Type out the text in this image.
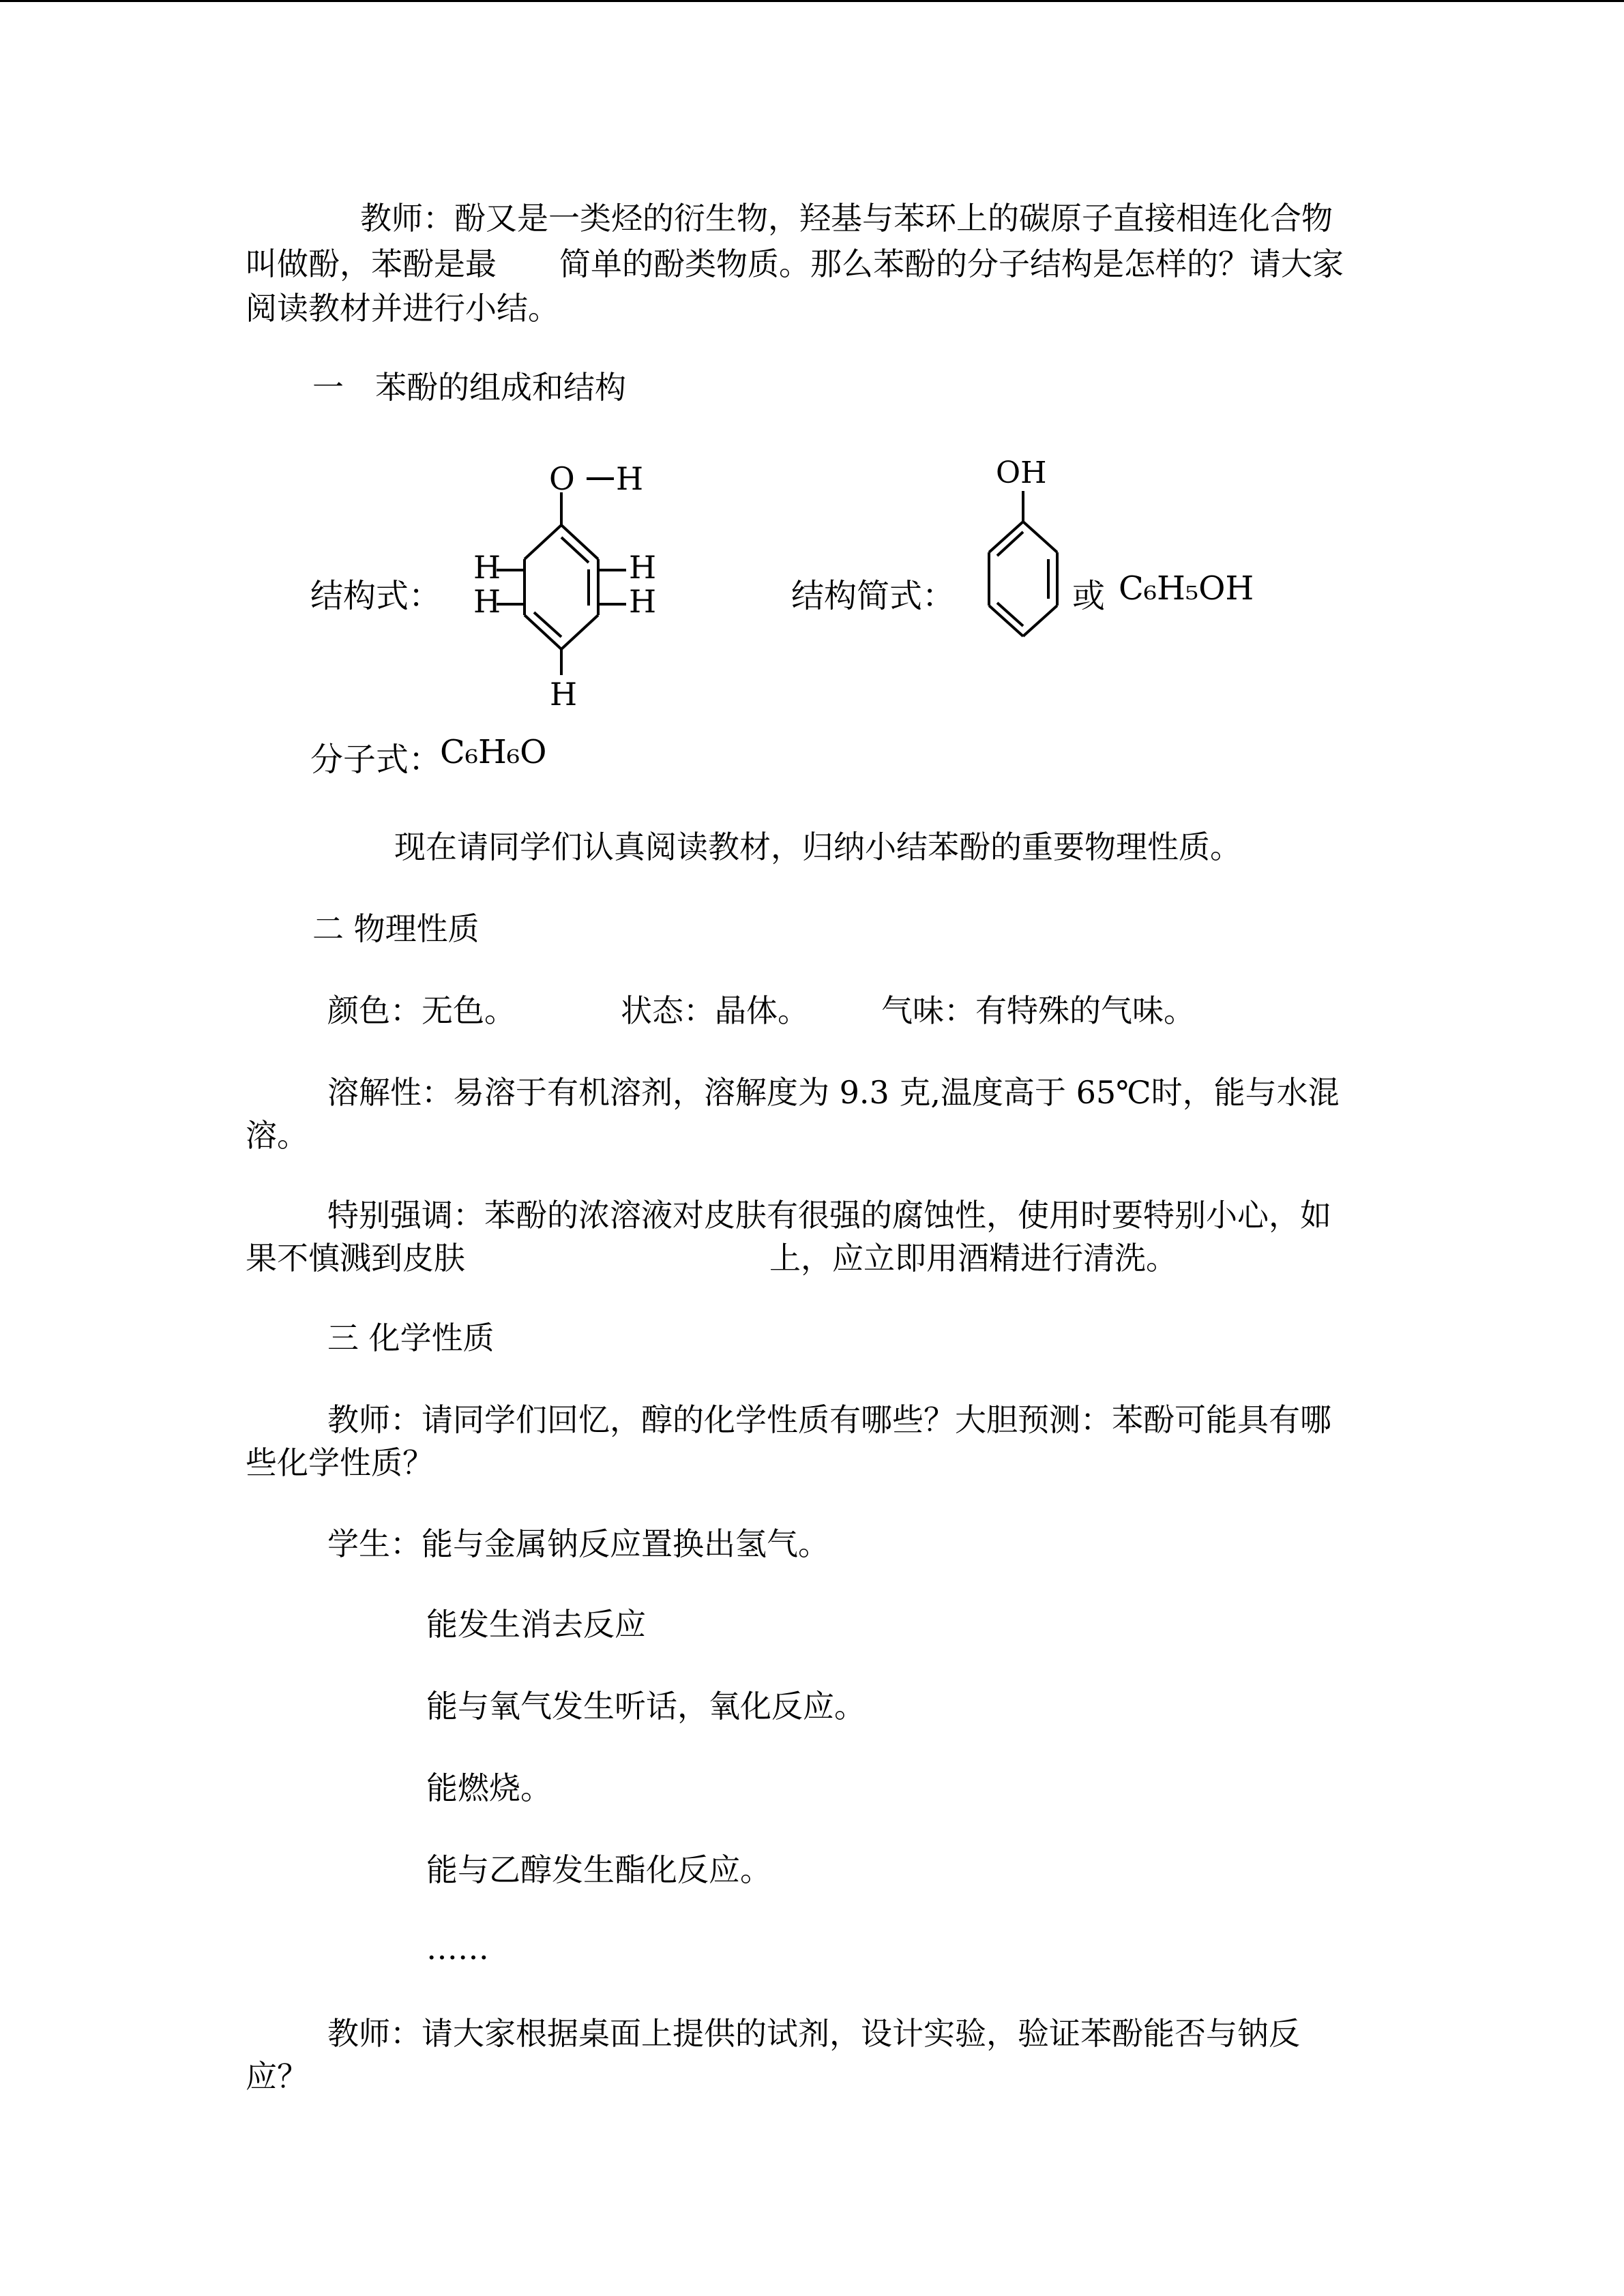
教师：酚又是一类烃的衍生物，羟基与苯环上的碳原子直接相连化合物

叫做酚，苯酚是最　　简单的酚类物质。那么苯酚的分子结构是怎样的？请大家

阅读教材并进行小结。

一　苯酚的组成和结构

结构式：
O H
H
H
H
H
H
结构简式：
OH
或 C₆H₅OH
分子式：
C₆H₆O

现在请同学们认真阅读教材，归纳小结苯酚的重要物理性质。

二 物理性质

颜色：无色。	状态：晶体。 气味：有特殊的气味。

溶解性：易溶于有机溶剂，溶解度为 9.3 克,温度高于 65℃时，能与水混

溶。

特别强调：苯酚的浓溶液对皮肤有很强的腐蚀性，使用时要特别小心，如

果不慎溅到皮肤	上，应立即用酒精进行清洗。

三 化学性质

教师：请同学们回忆，醇的化学性质有哪些？大胆预测：苯酚可能具有哪

些化学性质？

学生：能与金属钠反应置换出氢气。

能发生消去反应

能与氧气发生听话，氧化反应。

能燃烧。

能与乙醇发生酯化反应。

……

教师：请大家根据桌面上提供的试剂，设计实验，验证苯酚能否与钠反

应？
